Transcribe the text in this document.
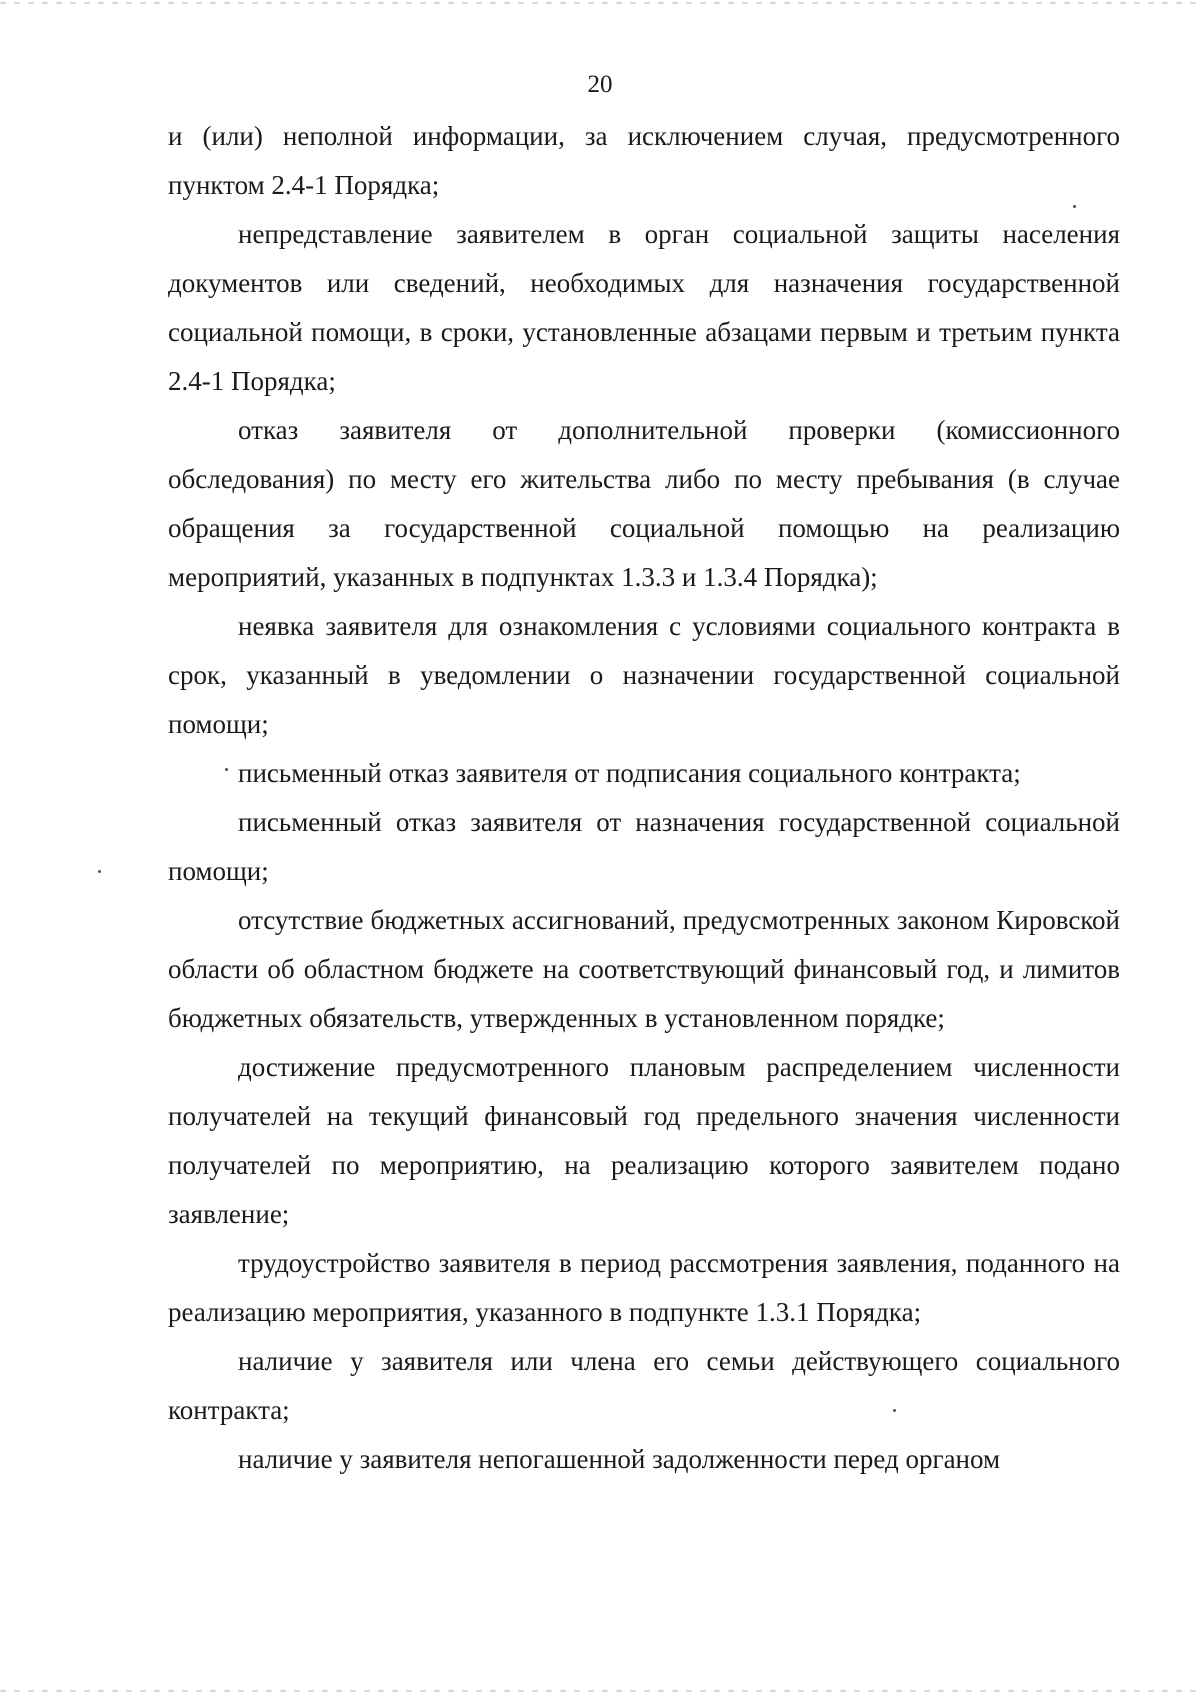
20

и (или) неполной информации, за исключением случая, предусмотренного пунктом 2.4-1 Порядка;

непредставление заявителем в орган социальной защиты населения документов или сведений, необходимых для назначения государственной социальной помощи, в сроки, установленные абзацами первым и третьим пункта 2.4-1 Порядка;

отказ заявителя от дополнительной проверки (комиссионного обследования) по месту его жительства либо по месту пребывания (в случае обращения за государственной социальной помощью на реализацию мероприятий, указанных в подпунктах 1.3.3 и 1.3.4 Порядка);

неявка заявителя для ознакомления с условиями социального контракта в срок, указанный в уведомлении о назначении государственной социальной помощи;

письменный отказ заявителя от подписания социального контракта;

письменный отказ заявителя от назначения государственной социальной помощи;

отсутствие бюджетных ассигнований, предусмотренных законом Кировской области об областном бюджете на соответствующий финансовый год, и лимитов бюджетных обязательств, утвержденных в установленном порядке;

достижение предусмотренного плановым распределением численности получателей на текущий финансовый год предельного значения численности получателей по мероприятию, на реализацию которого заявителем подано заявление;

трудоустройство заявителя в период рассмотрения заявления, поданного на реализацию мероприятия, указанного в подпункте 1.3.1 Порядка;

наличие у заявителя или члена его семьи действующего социального контракта;

наличие у заявителя непогашенной задолженности перед органом
